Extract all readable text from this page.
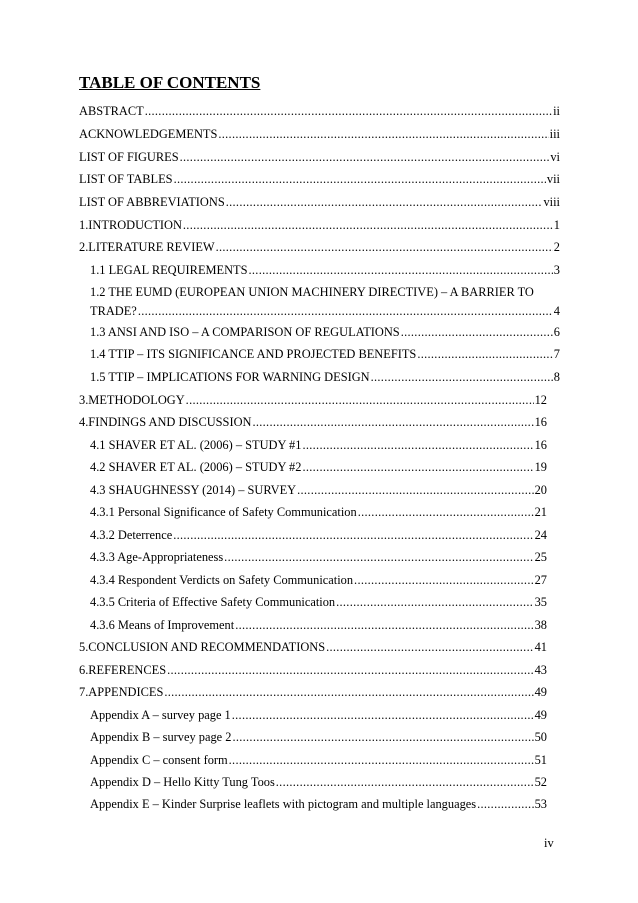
TABLE OF CONTENTS
ABSTRACT .....	ii
ACKNOWLEDGEMENTS .....	iii
LIST OF FIGURES .....	vi
LIST OF TABLES .....	vii
LIST OF ABBREVIATIONS .....	viii
1. INTRODUCTION .....	1
2. LITERATURE REVIEW .....	2
1.1 LEGAL REQUIREMENTS .....	3
1.2 THE EUMD (EUROPEAN UNION MACHINERY DIRECTIVE) – A BARRIER TO
TRADE? .....	4
1.3 ANSI AND ISO – A COMPARISON OF REGULATIONS .....	6
1.4 TTIP – ITS SIGNIFICANCE AND PROJECTED BENEFITS .....	7
1.5 TTIP – IMPLICATIONS FOR WARNING DESIGN .....	8
3. METHODOLOGY .....	12
4. FINDINGS AND DISCUSSION .....	16
4.1 SHAVER ET AL. (2006) – STUDY #1 .....	16
4.2 SHAVER ET AL. (2006) – STUDY #2 .....	19
4.3 SHAUGHNESSY (2014) – SURVEY .....	20
4.3.1 Personal Significance of Safety Communication .....	21
4.3.2 Deterrence .....	24
4.3.3 Age-Appropriateness .....	25
4.3.4 Respondent Verdicts on Safety Communication .....	27
4.3.5 Criteria of Effective Safety Communication .....	35
4.3.6 Means of Improvement .....	38
5. CONCLUSION AND RECOMMENDATIONS .....	41
6. REFERENCES .....	43
7. APPENDICES .....	49
Appendix A – survey page 1 .....	49
Appendix B – survey page 2 .....	50
Appendix C – consent form .....	51
Appendix D – Hello Kitty Tung Toos .....	52
Appendix E – Kinder Surprise leaflets with pictogram and multiple languages .....	53
iv
